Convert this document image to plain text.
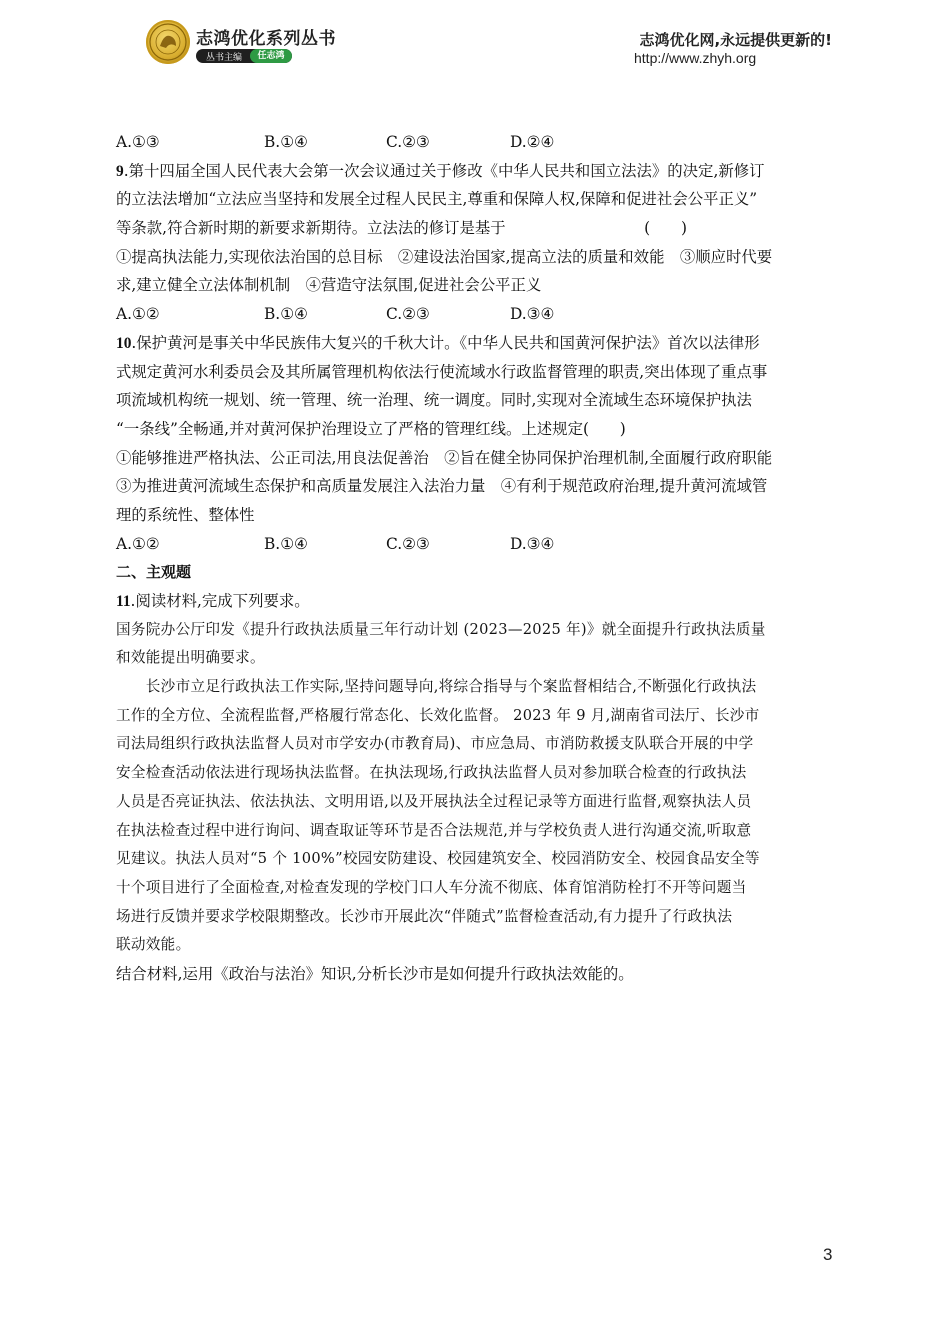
志鸿优化系列丛书
丛书主编	任志鸿
志鸿优化网,永远提供更新的!
http://www.zhyh.org
A.①③	B.①④	C.②③	D.②④
9.第十四届全国人民代表大会第一次会议通过关于修改《中华人民共和国立法法》的决定,新修订
的立法法增加“立法应当坚持和发展全过程人民民主,尊重和保障人权,保障和促进社会公平正义”
等条款,符合新时期的新要求新期待。立法法的修订是基于　　　　　　　　　(　　)
①提高执法能力,实现依法治国的总目标　②建设法治国家,提高立法的质量和效能　③顺应时代要
求,建立健全立法体制机制　④营造守法氛围,促进社会公平正义
A.①②	B.①④	C.②③	D.③④
10.保护黄河是事关中华民族伟大复兴的千秋大计。《中华人民共和国黄河保护法》首次以法律形
式规定黄河水利委员会及其所属管理机构依法行使流域水行政监督管理的职责,突出体现了重点事
项流域机构统一规划、统一管理、统一治理、统一调度。同时,实现对全流域生态环境保护执法
“一条线”全畅通,并对黄河保护治理设立了严格的管理红线。上述规定(　　)
①能够推进严格执法、公正司法,用良法促善治　②旨在健全协同保护治理机制,全面履行政府职能
③为推进黄河流域生态保护和高质量发展注入法治力量　④有利于规范政府治理,提升黄河流域管
理的系统性、整体性
A.①②	B.①④	C.②③	D.③④
二、主观题
11.阅读材料,完成下列要求。
国务院办公厅印发《提升行政执法质量三年行动计划 (2023—2025 年)》就全面提升行政执法质量
和效能提出明确要求。
　　长沙市立足行政执法工作实际,坚持问题导向,将综合指导与个案监督相结合,不断强化行政执法
工作的全方位、全流程监督,严格履行常态化、长效化监督。 2023 年 9 月,湖南省司法厅、长沙市
司法局组织行政执法监督人员对市学安办(市教育局)、市应急局、市消防救援支队联合开展的中学
安全检查活动依法进行现场执法监督。在执法现场,行政执法监督人员对参加联合检查的行政执法
人员是否亮证执法、依法执法、文明用语,以及开展执法全过程记录等方面进行监督,观察执法人员
在执法检查过程中进行询问、调查取证等环节是否合法规范,并与学校负责人进行沟通交流,听取意
见建议。执法人员对“5 个 100%”校园安防建设、校园建筑安全、校园消防安全、校园食品安全等
十个项目进行了全面检查,对检查发现的学校门口人车分流不彻底、体育馆消防栓打不开等问题当
场进行反馈并要求学校限期整改。长沙市开展此次“伴随式”监督检查活动,有力提升了行政执法
联动效能。
结合材料,运用《政治与法治》知识,分析长沙市是如何提升行政执法效能的。
3
